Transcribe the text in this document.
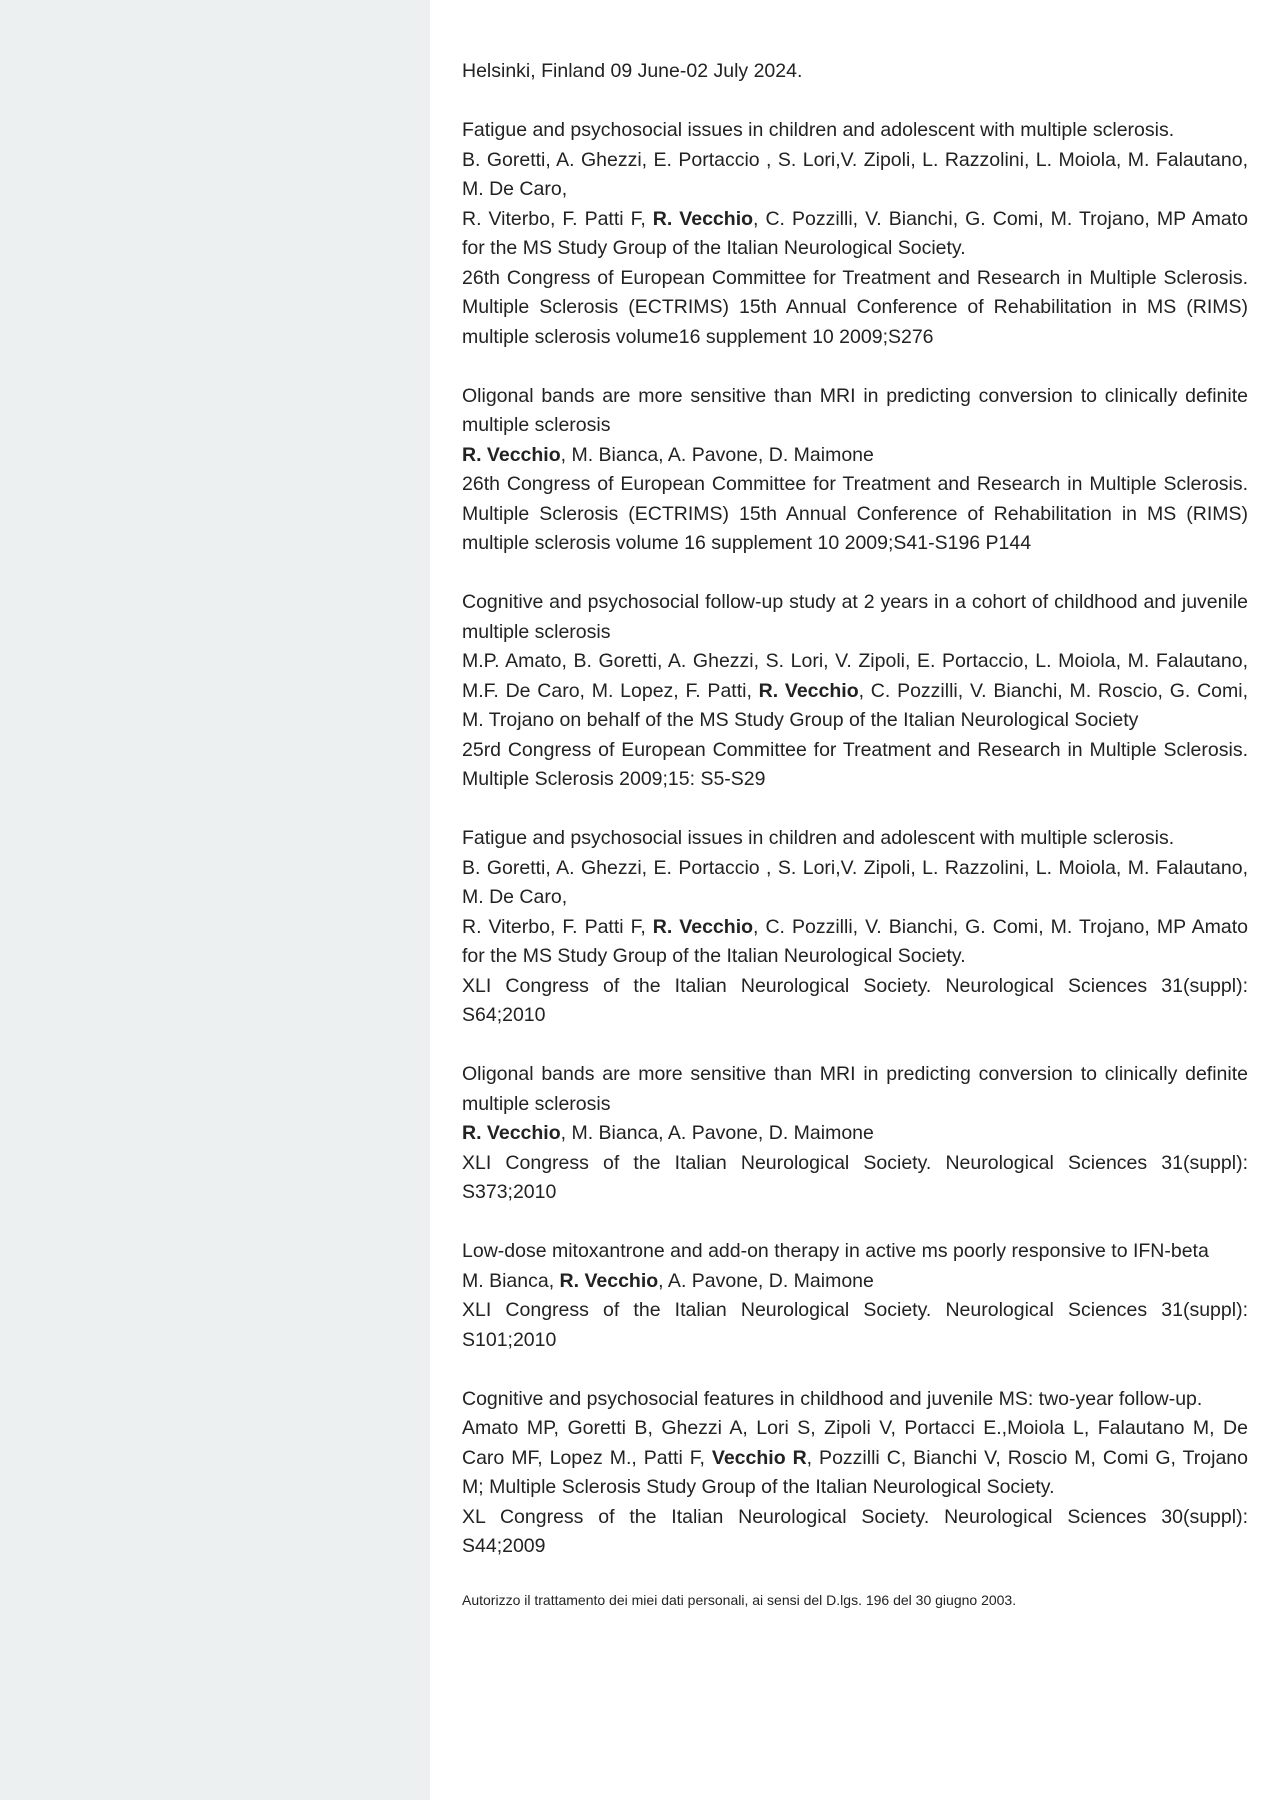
Helsinki, Finland 09 June-02 July 2024.
Fatigue and psychosocial issues in children and adolescent with multiple sclerosis.
B. Goretti, A. Ghezzi, E. Portaccio , S. Lori,V. Zipoli, L. Razzolini, L. Moiola, M. Falautano, M. De Caro,
R. Viterbo, F. Patti F, R. Vecchio, C. Pozzilli, V. Bianchi, G. Comi, M. Trojano, MP Amato for the MS Study Group of the Italian Neurological Society.
26th Congress of European Committee for Treatment and Research in Multiple Sclerosis. Multiple Sclerosis (ECTRIMS) 15th Annual Conference of Rehabilitation in MS (RIMS) multiple sclerosis volume16 supplement 10 2009;S276
Oligonal bands are more sensitive than MRI in predicting conversion to clinically definite multiple sclerosis
R. Vecchio, M. Bianca, A. Pavone, D. Maimone
26th Congress of European Committee for Treatment and Research in Multiple Sclerosis. Multiple Sclerosis (ECTRIMS) 15th Annual Conference of Rehabilitation in MS (RIMS) multiple sclerosis volume 16 supplement 10 2009;S41-S196 P144
Cognitive and psychosocial follow-up study at 2 years in a cohort of childhood and juvenile multiple sclerosis
M.P. Amato, B. Goretti, A. Ghezzi, S. Lori, V. Zipoli, E. Portaccio, L. Moiola, M. Falautano, M.F. De Caro, M. Lopez, F. Patti, R. Vecchio, C. Pozzilli, V. Bianchi, M. Roscio, G. Comi, M. Trojano on behalf of the MS Study Group of the Italian Neurological Society
25rd Congress of European Committee for Treatment and Research in Multiple Sclerosis. Multiple Sclerosis 2009;15: S5-S29
Fatigue and psychosocial issues in children and adolescent with multiple sclerosis.
B. Goretti, A. Ghezzi, E. Portaccio , S. Lori,V. Zipoli, L. Razzolini, L. Moiola, M. Falautano, M. De Caro,
R. Viterbo, F. Patti F, R. Vecchio, C. Pozzilli, V. Bianchi, G. Comi, M. Trojano, MP Amato for the MS Study Group of the Italian Neurological Society.
XLI Congress of the Italian Neurological Society. Neurological Sciences 31(suppl): S64;2010
Oligonal bands are more sensitive than MRI in predicting conversion to clinically definite multiple sclerosis
R. Vecchio, M. Bianca, A. Pavone, D. Maimone
XLI Congress of the Italian Neurological Society. Neurological Sciences 31(suppl): S373;2010
Low-dose mitoxantrone and add-on therapy in active ms poorly responsive to IFN-beta
M. Bianca, R. Vecchio, A. Pavone, D. Maimone
XLI Congress of the Italian Neurological Society. Neurological Sciences 31(suppl): S101;2010
Cognitive and psychosocial features in childhood and juvenile MS: two-year follow-up.
Amato MP, Goretti B, Ghezzi A, Lori S, Zipoli V, Portacci E.,Moiola L, Falautano M, De Caro MF, Lopez M., Patti F, Vecchio R, Pozzilli C, Bianchi V, Roscio M, Comi G, Trojano M; Multiple Sclerosis Study Group of the Italian Neurological Society.
XL Congress of the Italian Neurological Society. Neurological Sciences 30(suppl): S44;2009
Autorizzo il trattamento dei miei dati personali, ai sensi del D.lgs. 196 del 30 giugno 2003.
